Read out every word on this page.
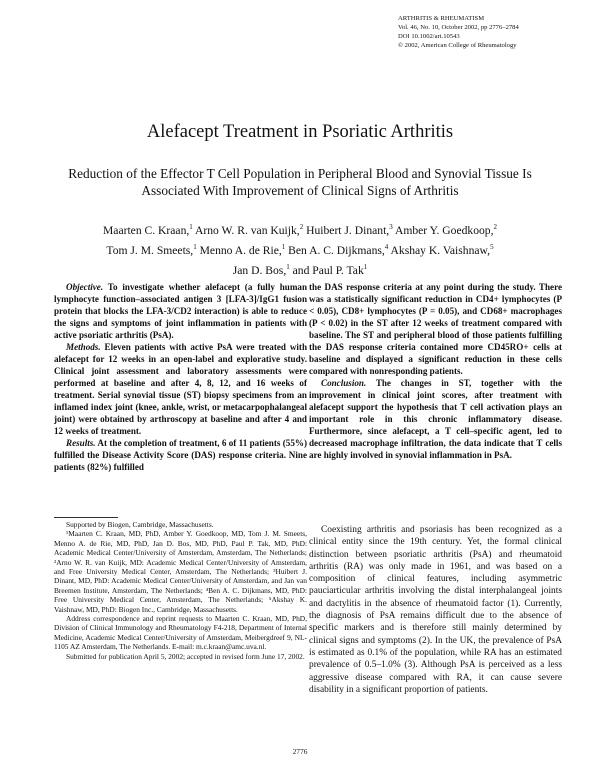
ARTHRITIS & RHEUMATISM
Vol. 46, No. 10, October 2002, pp 2776–2784
DOI 10.1002/art.10543
© 2002, American College of Rheumatology
Alefacept Treatment in Psoriatic Arthritis
Reduction of the Effector T Cell Population in Peripheral Blood and Synovial Tissue Is Associated With Improvement of Clinical Signs of Arthritis
Maarten C. Kraan,$^1$ Arno W. R. van Kuijk,$^2$ Huibert J. Dinant,$^3$ Amber Y. Goedkoop,$^2$
Tom J. M. Smeets,$^1$ Menno A. de Rie,$^1$ Ben A. C. Dijkmans,$^4$ Akshay K. Vaishnaw,$^5$
Jan D. Bos,$^1$ and Paul P. Tak$^1$

Objective. To investigate whether alefacept (a fully human lymphocyte function–associated antigen 3 [LFA-3]/IgG1 fusion protein that blocks the LFA-3/CD2 interaction) is able to reduce the signs and symptoms of joint inflammation in patients with active psoriatic arthritis (PsA).

Methods. Eleven patients with active PsA were treated with alefacept for 12 weeks in an open-label and explorative study. Clinical joint assessment and laboratory assessments were performed at baseline and after 4, 8, 12, and 16 weeks of treatment. Serial synovial tissue (ST) biopsy specimens from an inflamed index joint (knee, ankle, wrist, or metacarpophalangeal joint) were obtained by arthroscopy at baseline and after 4 and 12 weeks of treatment.

Results. At the completion of treatment, 6 of 11 patients (55%) fulfilled the Disease Activity Score (DAS) response criteria. Nine patients (82%) fulfilled

the DAS response criteria at any point during the study. There was a statistically significant reduction in CD4+ lymphocytes (P < 0.05), CD8+ lymphocytes (P = 0.05), and CD68+ macrophages (P < 0.02) in the ST after 12 weeks of treatment compared with baseline. The ST and peripheral blood of those patients fulfilling the DAS response criteria contained more CD45RO+ cells at baseline and displayed a significant reduction in these cells compared with nonresponding patients.

Conclusion. The changes in ST, together with the improvement in clinical joint scores, after treatment with alefacept support the hypothesis that T cell activation plays an important role in this chronic inflammatory disease. Furthermore, since alefacept, a T cell–specific agent, led to decreased macrophage infiltration, the data indicate that T cells are highly involved in synovial inflammation in PsA.

Supported by Biogen, Cambridge, Massachusetts.

¹Maarten C. Kraan, MD, PhD, Amber Y. Goedkoop, MD, Tom J. M. Smeets, Menno A. de Rie, MD, PhD, Jan D. Bos, MD, PhD, Paul P. Tak, MD, PhD: Academic Medical Center/University of Amsterdam, Amsterdam, The Netherlands; ²Arno W. R. van Kuijk, MD: Academic Medical Center/University of Amsterdam, and Free University Medical Center, Amsterdam, The Netherlands; ³Huibert J. Dinant, MD, PhD: Academic Medical Center/University of Amsterdam, and Jan van Breemen Institute, Amsterdam, The Netherlands; ⁴Ben A. C. Dijkmans, MD, PhD: Free University Medical Center, Amsterdam, The Netherlands; ⁵Akshay K. Vaishnaw, MD, PhD: Biogen Inc., Cambridge, Massachusetts.

Address correspondence and reprint requests to Maarten C. Kraan, MD, PhD, Division of Clinical Immunology and Rheumatology F4-218, Department of Internal Medicine, Academic Medical Center/University of Amsterdam, Meibergdreef 9, NL-1105 AZ Amsterdam, The Netherlands. E-mail: m.c.kraan@amc.uva.nl.

Submitted for publication April 5, 2002; accepted in revised form June 17, 2002.

Coexisting arthritis and psoriasis has been recognized as a clinical entity since the 19th century. Yet, the formal clinical distinction between psoriatic arthritis (PsA) and rheumatoid arthritis (RA) was only made in 1961, and was based on a composition of clinical features, including asymmetric pauciarticular arthritis involving the distal interphalangeal joints and dactylitis in the absence of rheumatoid factor (1). Currently, the diagnosis of PsA remains difficult due to the absence of specific markers and is therefore still mainly determined by clinical signs and symptoms (2). In the UK, the prevalence of PsA is estimated as 0.1% of the population, while RA has an estimated prevalence of 0.5–1.0% (3). Although PsA is perceived as a less aggressive disease compared with RA, it can cause severe disability in a significant proportion of patients.

2776
